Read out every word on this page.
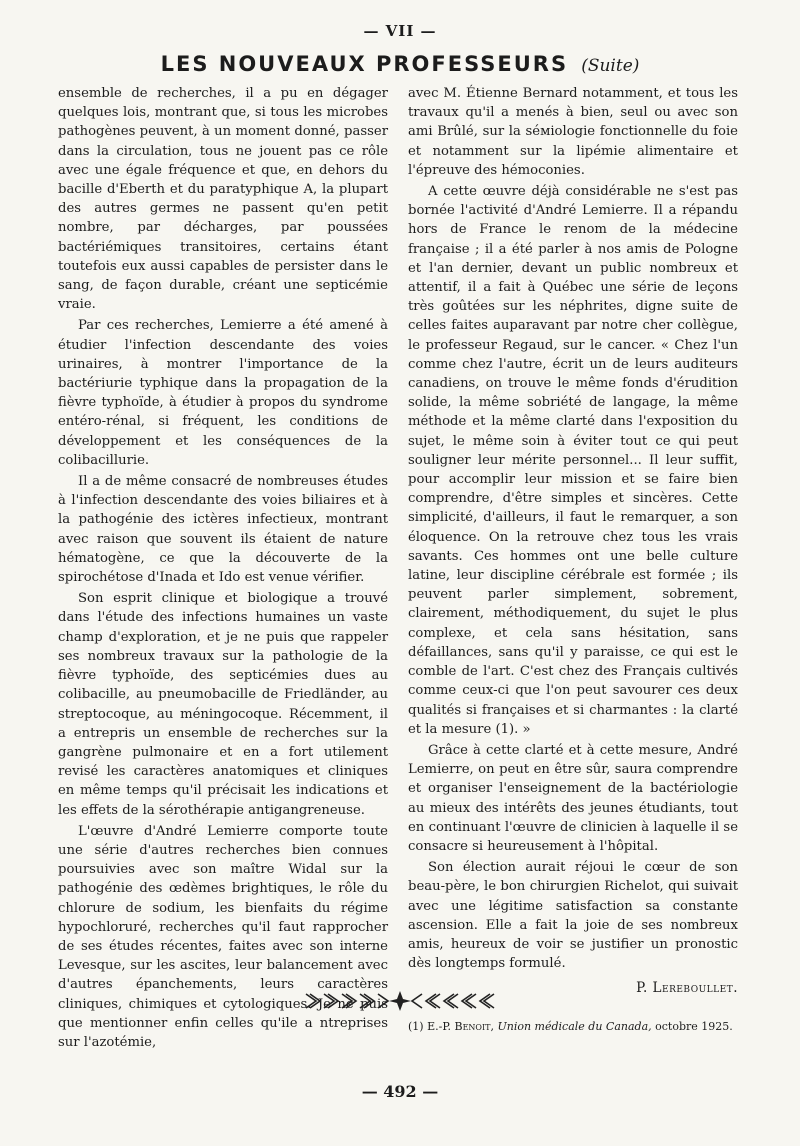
— VII —
LES NOUVEAUX PROFESSEURS (Suite)

ensemble de recherches, il a pu en dégager quelques lois, montrant que, si tous les microbes pathogènes peuvent, à un moment donné, passer dans la circulation, tous ne jouent pas ce rôle avec une égale fréquence et que, en dehors du bacille d'Eberth et du paratyphique A, la plupart des autres germes ne passent qu'en petit nombre, par décharges, par poussées bactériémiques transitoires, certains étant toutefois eux aussi capables de persister dans le sang, de façon durable, créant une septicémie vraie.

Par ces recherches, Lemierre a été amené à étudier l'infection descendante des voies urinaires, à montrer l'importance de la bactériurie typhique dans la propagation de la fièvre typhoïde, à étudier à propos du syndrome entéro-rénal, si fréquent, les conditions de développement et les conséquences de la colibacillurie.

Il a de même consacré de nombreuses études à l'infection descendante des voies biliaires et à la pathogénie des ictères infectieux, montrant avec raison que souvent ils étaient de nature hématogène, ce que la découverte de la spirochétose d'Inada et Ido est venue vérifier.

Son esprit clinique et biologique a trouvé dans l'étude des infections humaines un vaste champ d'exploration, et je ne puis que rappeler ses nombreux travaux sur la pathologie de la fièvre typhoïde, des septicémies dues au colibacille, au pneumobacille de Friedländer, au streptocoque, au méningocoque. Récemment, il a entrepris un ensemble de recherches sur la gangrène pulmonaire et en a fort utilement revisé les caractères anatomiques et cliniques en même temps qu'il précisait les indications et les effets de la sérothérapie antigangreneuse.

L'œuvre d'André Lemierre comporte toute une série d'autres recherches bien connues poursuivies avec son maître Widal sur la pathogénie des œdèmes brightiques, le rôle du chlorure de sodium, les bienfaits du régime hypochloruré, recherches qu'il faut rapprocher de ses études récentes, faites avec son interne Levesque, sur les ascites, leur balancement avec d'autres épanchements, leurs caractères cliniques, chimiques et cytologiques. Je ne puis que mentionner enfin celles qu'ile a ntreprises sur l'azotémie,

avec M. Étienne Bernard notamment, et tous les travaux qu'il a menés à bien, seul ou avec son ami Brûlé, sur la séміologie fonctionnelle du foie et notamment sur la lipémie alimentaire et l'épreuve des hémoconies.

A cette œuvre déjà considérable ne s'est pas bornée l'activité d'André Lemierre. Il a répandu hors de France le renom de la médecine française ; il a été parler à nos amis de Pologne et l'an dernier, devant un public nombreux et attentif, il a fait à Québec une série de leçons très goûtées sur les néphrites, digne suite de celles faites auparavant par notre cher collègue, le professeur Regaud, sur le cancer. « Chez l'un comme chez l'autre, écrit un de leurs auditeurs canadiens, on trouve le même fonds d'érudition solide, la même sobriété de langage, la même méthode et la même clarté dans l'exposition du sujet, le même soin à éviter tout ce qui peut souligner leur mérite personnel... Il leur suffit, pour accomplir leur mission et se faire bien comprendre, d'être simples et sincères. Cette simplicité, d'ailleurs, il faut le remarquer, a son éloquence. On la retrouve chez tous les vrais savants. Ces hommes ont une belle culture latine, leur discipline cérébrale est formée ; ils peuvent parler simplement, sobrement, clairement, méthodiquement, du sujet le plus complexe, et cela sans hésitation, sans défaillances, sans qu'il y paraisse, ce qui est le comble de l'art. C'est chez des Français cultivés comme ceux-ci que l'on peut savourer ces deux qualités si françaises et si charmantes : la clarté et la mesure (1). »

Grâce à cette clarté et à cette mesure, André Lemierre, on peut en être sûr, saura comprendre et organiser l'enseignement de la bactériologie au mieux des intérêts des jeunes étudiants, tout en continuant l'œuvre de clinicien à laquelle il se consacre si heureusement à l'hôpital.

Son élection aurait réjoui le cœur de son beau-père, le bon chirurgien Richelot, qui suivait avec une légitime satisfaction sa constante ascension. Elle a fait la joie de ses nombreux amis, heureux de voir se justifier un pronostic dès longtemps formulé.

P. Lereboullet.
(1) E.-P. Benoit, Union médicale du Canada, octobre 1925.
— 492 —
